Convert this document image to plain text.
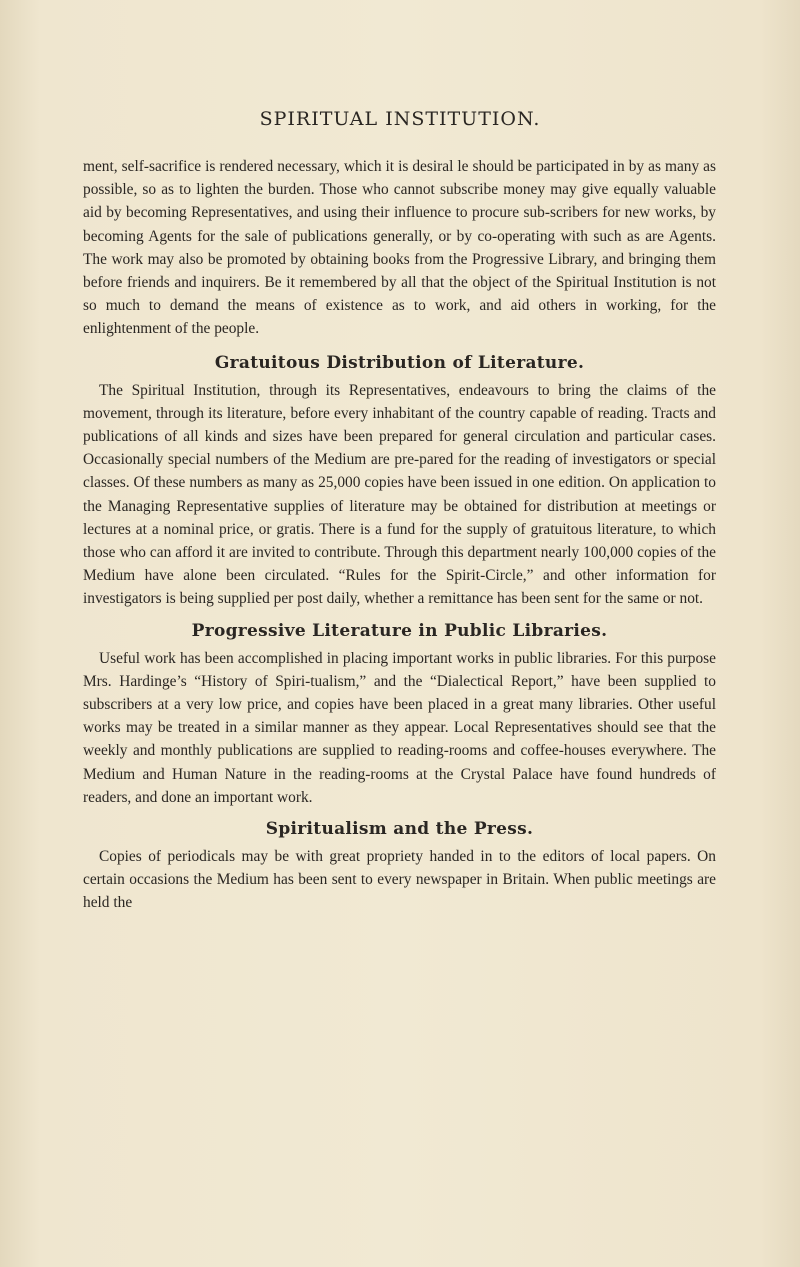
SPIRITUAL INSTITUTION.

ment, self-sacrifice is rendered necessary, which it is desiral le should be participated in by as many as possible, so as to lighten the burden. Those who cannot subscribe money may give equally valuable aid by becoming Representatives, and using their influence to procure sub-scribers for new works, by becoming Agents for the sale of publications generally, or by co-operating with such as are Agents. The work may also be promoted by obtaining books from the Progressive Library, and bringing them before friends and inquirers. Be it remembered by all that the object of the Spiritual Institution is not so much to demand the means of existence as to work, and aid others in working, for the enlightenment of the people.

Gratuitous Distribution of Literature.

The Spiritual Institution, through its Representatives, endeavours to bring the claims of the movement, through its literature, before every inhabitant of the country capable of reading. Tracts and publications of all kinds and sizes have been prepared for general circulation and particular cases. Occasionally special numbers of the Medium are pre-pared for the reading of investigators or special classes. Of these numbers as many as 25,000 copies have been issued in one edition. On application to the Managing Representative supplies of literature may be obtained for distribution at meetings or lectures at a nominal price, or gratis. There is a fund for the supply of gratuitous literature, to which those who can afford it are invited to contribute. Through this department nearly 100,000 copies of the Medium have alone been circulated. “Rules for the Spirit-Circle,” and other information for investigators is being supplied per post daily, whether a remittance has been sent for the same or not.

Progressive Literature in Public Libraries.

Useful work has been accomplished in placing important works in public libraries. For this purpose Mrs. Hardinge’s “History of Spiri-tualism,” and the “Dialectical Report,” have been supplied to subscribers at a very low price, and copies have been placed in a great many libraries. Other useful works may be treated in a similar manner as they appear. Local Representatives should see that the weekly and monthly publications are supplied to reading-rooms and coffee-houses everywhere. The Medium and Human Nature in the reading-rooms at the Crystal Palace have found hundreds of readers, and done an important work.

Spiritualism and the Press.

Copies of periodicals may be with great propriety handed in to the editors of local papers. On certain occasions the Medium has been sent to every newspaper in Britain. When public meetings are held the
